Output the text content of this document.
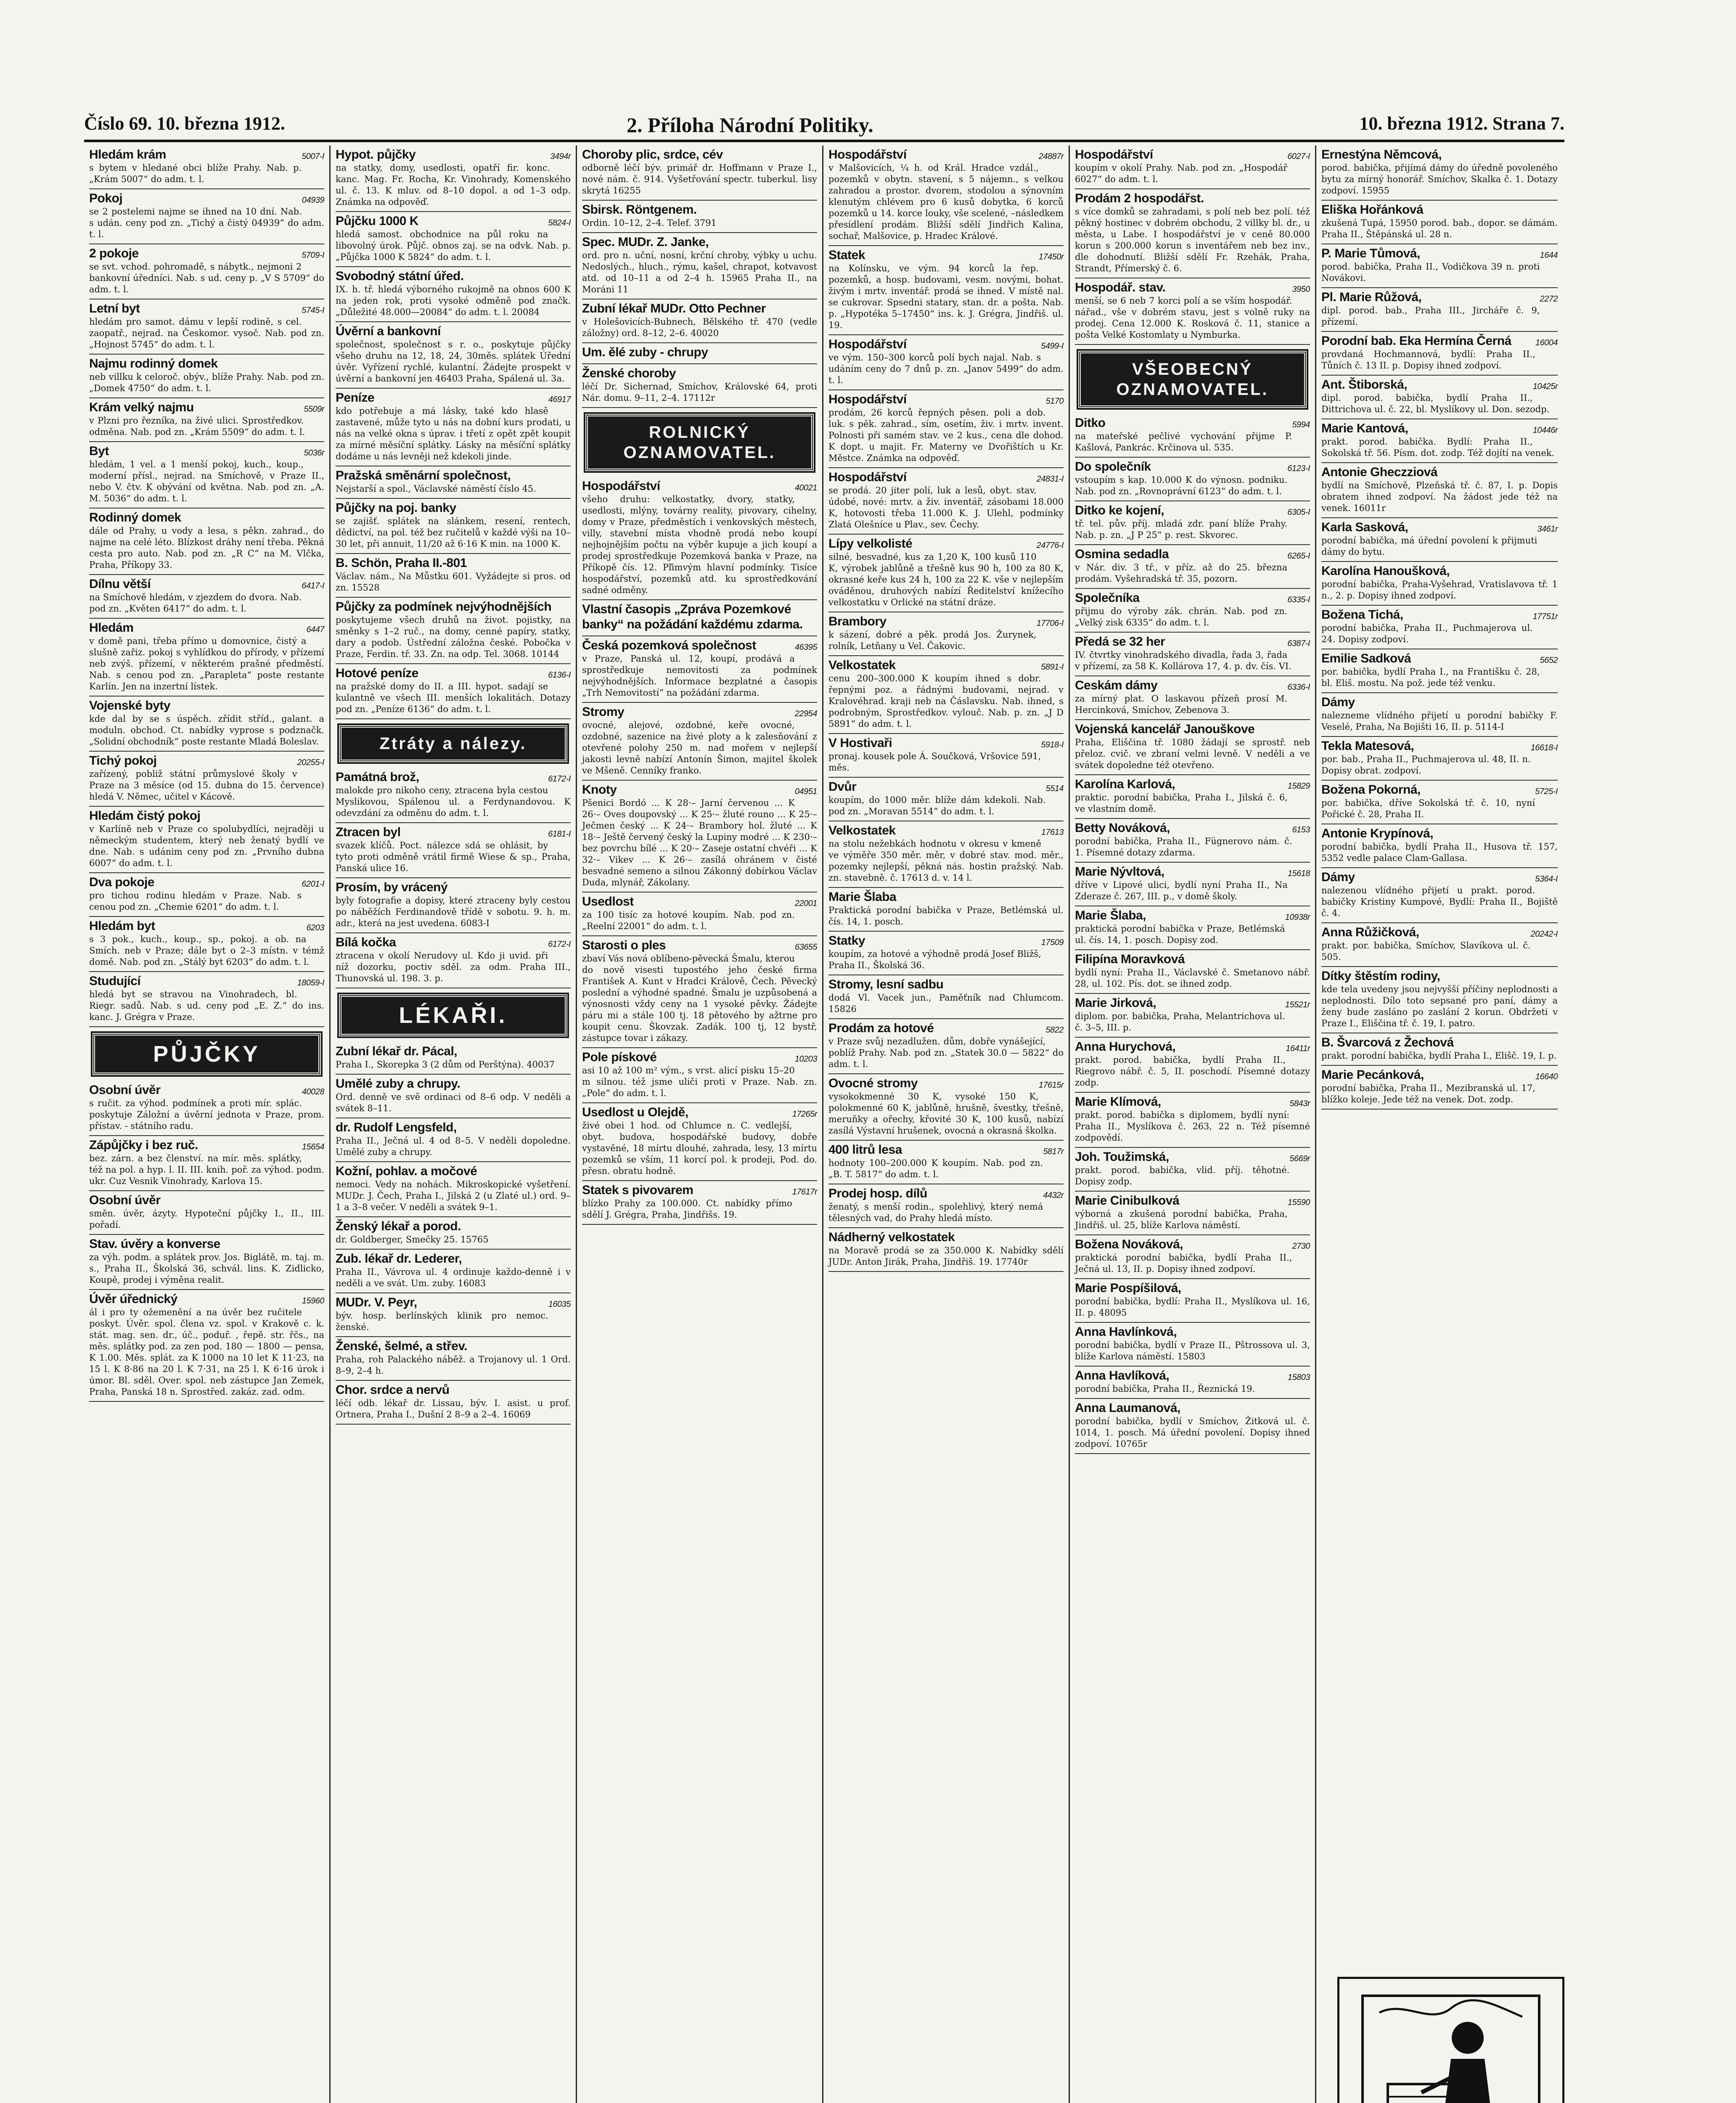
Číslo 69. 10. března 1912.	2. Příloha Národní Politiky.	10. března 1912. Strana 7.
5007-I
Hledám krám
s bytem v hledané obci blíže Prahy. Nab. p. „Krám 5007“ do adm. t. l.
04939
Pokoj
se 2 postelemi najme se ihned na 10 dní. Nab. s udán. ceny pod zn. „Tichý a čistý 04939“ do adm. t. l.
5709-I
2 pokoje
se svt. vchod. pohromadě, s nábytk., nejmoni 2 bankovní úředníci. Nab. s ud. ceny p. „V S 5709“ do adm. t. l.
5745-I
Letní byt
hledám pro samot. dámu v lepší rodině, s cel. zaopatř., nejrad. na Českomor. vysoč. Nab. pod zn. „Hojnost 5745“ do adm. t. l.
Najmu rodinný domek
neb villku k celoroč. obýv., blíže Prahy. Nab. pod zn. „Domek 4750“ do adm. t. l.
5509r
Krám velký najmu
v Plzni pro řezníka, na živé ulici. Sprostředkov. odměna. Nab. pod zn. „Krám 5509“ do adm. t. l.
5036r
Byt
hledám, 1 vel. a 1 menší pokoj, kuch., koup., moderní přísl., nejrad. na Smíchově, v Praze II., nebo V. čtv. K obývání od května. Nab. pod zn. „A. M. 5036“ do adm. t. l.
Rodinný domek
dále od Prahy, u vody a lesa, s pěkn. zahrad., do najme na celé léto. Blízkost dráhy není třeba. Pěkná cesta pro auto. Nab. pod zn. „R C“ na M. Vlčka, Praha, Příkopy 33.
6417-I
Dílnu větší
na Smíchově hledám, v zjezdem do dvora. Nab. pod zn. „Květen 6417“ do adm. t. l.
6447
Hledám
v domě pani, třeba přímo u domovnice, čistý a slušně zařiz. pokoj s vyhlídkou do přírody, v přízemí neb zvýš. přízemí, v některém prašné předměstí. Nab. s cenou pod zn. „Parapleta“ poste restante Karlín. Jen na inzertní lístek.
Vojenské byty
kde dal by se s úspěch. zřídit stříd., galant. a moduln. obchod. Ct. nabídky vyprose s podznačk. „Solidní obchodník“ poste restante Mladá Boleslav.
20255-I
Tichý pokoj
zařízený, pobliž státní průmyslové školy v Praze na 3 měsíce (od 15. dubna do 15. července) hledá V. Němec, učitel v Kácově.
Hledám čistý pokoj
v Karlíně neb v Praze co spolubydlíci, nejraději u německým studentem, který neb ženatý bydlí ve dne. Nab. s udánim ceny pod zn. „Prvního dubna 6007“ do adm. t. l.
6201-I
Dva pokoje
pro tichou rodinu hledám v Praze. Nab. s cenou pod zn. „Chemie 6201“ do adm. t. l.
6203
Hledám byt
s 3 pok., kuch., koup., sp., pokoj. a ob. na Smích. neb v Praze; dále byt o 2–3 místn. v témž domě. Nab. pod zn. „Stálý byt 6203“ do adm. t. l.
18059-I
Studující
hledá byt se stravou na Vinohradech, bl. Riegr. sadů. Nab. s ud. ceny pod „E. Z.“ do ins. kanc. J. Grégra v Praze.
PŮJČKY
40028
Osobní úvěr
s ručit. za výhod. podmínek a proti mír. splác. poskytuje Záložní a úvěrní jednota v Praze, prom. přístav. - státního radu.
15654
Zápůjčky i bez ruč.
bez. zárn. a bez členství. na mír. měs. splátky, též na pol. a hyp. l. II. III. knih. poř. za výhod. podm. ukr. Cuz Vesnik Vinohrady, Karlova 15.
Osobní úvěr
směn. úvěr, ázyty. Hypoteční půjčky I., II., III. pořadí.
Stav. úvěry a konverse
za výh. podm. a splátek prov. Jos. Biglátě, m. taj. m. s., Praha II., Školská 36, schvál. lins. K. Zidlicko, Koupě, prodej i výměna realit.
15960
Úvěr úřednický
ál i pro ty ožemenění a na úvěr bez ručitele poskyt. Úvěr. spol. člena vz. spol. v Krakově c. k. stát. mag. sen. dr., úč., poduř. , řepě. str. řčs., na měs. splátky pod. za zen pod. 180 — 1800 — pensa, K 1.00. Měs. splát. za K 1000 na 10 let K 11·23, na 15 l. K 8·86 na 20 l. K 7·31, na 25 l. K 6·16 úrok i úmor. Bl. sděl. Over. spol. neb zástupce Jan Zemek, Praha, Panská 18 n. Sprostřed. zakáz. zad. odm.
3494r
Hypot. půjčky
na statky, domy, usedlosti, opatří fir. konc. kanc. Mag. Fr. Rocha, Kr. Vinohrady, Komenského ul. č. 13. K mluv. od 8–10 dopol. a od 1–3 odp. Známka na odpověď.
5824-I
Půjčku 1000 K
hledá samost. obchodnice na půl roku na libovolný úrok. Půjč. obnos zaj. se na odvk. Nab. p. „Půjčka 1000 K 5824“ do adm. t. l.
Svobodný státní úřed.
IX. h. tř. hledá výborného rukojmě na obnos 600 K na jeden rok, proti vysoké odměně pod značk. „Důležité 48.000—20084“ do adm. t. l. 20084
Úvěrní a bankovní
společnost, společnost s r. o., poskytuje půjčky všeho druhu na 12, 18, 24, 30měs. splátek Úřední úvěr. Vyřízení rychlé, kulantní. Žádejte prospekt v úvěrní a bankovní jen 46403 Praha, Spálená ul. 3a.
46917
Peníze
kdo potřebuje a má lásky, také kdo hlasě zastavené, může tyto u nás na dobní kurs prodati, u nás na velké okna s úprav. i třetí z opět zpět koupit za mírné měsíční splátky. Lásky na měsíční splátky dodáme u nás levněji než kdekoli jinde.
Pražská směnární společnost,
Nejstarší a spol., Václavské náměstí číslo 45.
Půjčky na poj. banky
se zajišť. splátek na slánkem, resení, rentech, dědictví, na pol. též bez ručitelů v každé výši na 10–30 let, při annuit, 11/20 až 6·16 K min. na 1000 K.
B. Schön, Praha II.-801
Václav. nám., Na Můstku 601. Vyžádejte si pros. od zn. 15528
Půjčky za podmínek nejvýhodnějších
poskytujeme všech druhů na život. pojistky, na směnky s 1–2 ruč., na domy, cenné papíry, statky, dary a podob. Ústřední záložna české. Pobočka v Praze, Ferdin. tř. 33. Zn. na odp. Tel. 3068. 10144
6136-I
Hotové peníze
na pražské domy do II. a III. hypot. sadají se kulantně ve všech III. menších lokalitách. Dotazy pod zn. „Peníze 6136“ do adm. t. l.
Ztráty a nálezy.
6172-I
Památná brož,
malokde pro nikoho ceny, ztracena byla cestou Myslikovou, Spálenou ul. a Ferdynandovou. K odevzdání za odměnu do adm. t. l.
6181-I
Ztracen byl
svazek klíčů. Poct. nálezce sdá se ohlásit, by tyto proti odměně vrátil firmě Wiese & sp., Praha, Panská ulice 16.
Prosím, by vrácený
byly fotografie a dopisy, které ztraceny byly cestou po náběžích Ferdinandově třídě v sobotu. 9. h. m. adr., která na jest uvedena. 6083-I
6172-I
Bílá kočka
ztracena v okolí Nerudovy ul. Kdo ji uvid. při níž dozorku, poctiv sděl. za odm. Praha III., Thunovská ul. 198. 3. p.
LÉKAŘI.
Zubní lékař dr. Pácal,
Praha I., Skorepka 3 (2 dům od Perštýna). 40037
Umělé zuby a chrupy.
Ord. denně ve svě ordinaci od 8–6 odp. V neděli a svátek 8–11.
dr. Rudolf Lengsfeld,
Praha II., Ječná ul. 4 od 8–5. V neděli dopoledne. Umělé zuby a chrupy.
Kožní, pohlav. a močové
nemoci. Vedy na nohách. Mikroskopické vyšetření. MUDr. J. Čech, Praha I., Jilská 2 (u Zlaté ul.) ord. 9–1 a 3–8 večer. V neděli a svátek 9–1.
Ženský lékař a porod.
dr. Goldberger, Smečky 25. 15765
Zub. lékař dr. Lederer,
Praha II., Vávrova ul. 4 ordinuje každo-denně i v neděli a ve svát. Um. zuby. 16083
16035
MUDr. V. Peyr,
býv. hosp. berlínských klinik pro nemoc. ženské.
Ženské, šelmé, a střev.
Praha, roh Palackého náběž. a Trojanovy ul. 1 Ord. 8–9, 2–4 h.
Chor. srdce a nervů
léčí odb. lékař dr. Lissau, býv. I. asist. u prof. Ortnera, Praha I., Dušní 2 8–9 a 2–4. 16069
Choroby plic, srdce, cév
odborně léčí býv. primář dr. Hoffmann v Praze I., nové nám. č. 914. Vyšetřování spectr. tuberkul. lisy skrytá 16255
Sbirsk. Röntgenem.
Ordin. 10–12, 2–4. Telef. 3791
Spec. MUDr. Z. Janke,
ord. pro n. uční, nosní, krční chroby, výbky u uchu. Nedoslých., hluch., rýmu, kašel, chrapot, kotvavost atd. od 10–11 a od 2–4 h. 15965 Praha II., na Moráni 11
Zubní lékař MUDr. Otto Pechner
v Holešovicích-Bubnech, Bělského tř. 470 (vedle záložny) ord. 8–12, 2–6. 40020
Um. ělé zuby - chrupy
Ženské choroby
léčí Dr. Sichernad, Smíchov, Královské 64, proti Nár. domu. 9–11, 2–4. 17112r
ROLNICKÝ OZNAMOVATEL.
40021
Hospodářství
všeho druhu: velkostatky, dvory, statky, usedlosti, mlýny, továrny reality, pivovary, cihelny, domy v Praze, předměstích i venkovských městech, villy, stavební místa vhodně prodá nebo koupí nejhojnějším počtu na výběr kupuje a jich koupí a prodej sprostředkuje Pozemková banka v Praze, na Příkopě čís. 12. Pľimvým hlavní podmínky. Tisíce hospodářství, pozemků atd. ku sprostředkování sadné odměny.
Vlastní časopis „Zpráva Pozemkové banky“ na požádání každému zdarma.
46395
Česká pozemková společnost
v Praze, Panská ul. 12, koupí, prodává a sprostředkuje nemovitosti za podmínek nejvýhodnějších. Informace bezplatné a časopis „Trh Nemovitostí“ na požádání zdarma.
22954
Stromy
ovocné, alejové, ozdobné, keře ovocné, ozdobné, sazenice na živé ploty a k zalesňování z otevřené polohy 250 m. nad mořem v nejlepší jakosti levně nabízí Antonín Šimon, majitel školek ve Mšeně. Cenníky franko.
04951
Knoty
Pšenici Bordó ... K 28·– Jarní červenou ... K 26·– Oves doupovský ... K 25·– žluté rouno ... K 25·– Ječmen český ... K 24·– Brambory hol. žluté ... K 18·– Ještě červený český la Lupiny modré ... K 230·– bez povrchu bílé ... K 20·– Zaseje ostatní chvéři ... K 32·– Vikev ... K 26·– zasílá ohránem v čisté besvadné semeno a silnou Zákonný dobírkou Václav Duda, mlynář, Zákolany.
22001
Usedlost
za 100 tisíc za hotové koupím. Nab. pod zn. „Reelní 22001“ do adm. t. l.
63655
Starosti o ples
zbaví Vás nová oblíbeno-pěvecká Šmalu, kterou do nově visesti tupostého jeho české firma František A. Kunt v Hradci Králově, Čech. Pěvecký poslední a výhodné spadné. Šmalu je uzpůsobená a výnosnosti vždy ceny na 1 vysoké pěvky. Žádejte páru mi a stále 100 tj. 18 pětového by ažtrne pro koupit cenu. Škovzak. Zadák. 100 tj, 12 bystř, zástupce tovar i zákazy.
10203
Pole pískové
asi 10 až 100 m² vým., s vrst. alicí pisku 15–20 m silnou. též jsme uliči proti v Praze. Nab. zn. „Pole“ do adm. t. l.
17265r
Usedlost u Olejdě,
živé obei 1 hod. od Chlumce n. C. vedlejší, obyt. budova, hospodářské budovy, dobře vystavěné, 18 mírtu dlouhé, zahrada, lesy, 13 mírtu pozemků se vším, 11 korcí pol. k prodeji, Pod. do. přesn. obratu hodně.
17617r
Statek s pivovarem
blízko Prahy za 100.000. Ct. nabídky přímo sdělí J. Grégra, Praha, Jindřišs. 19.
24887r
Hospodářství
v Malšovicích, ¼ h. od Král. Hradce vzdál., pozemků v obytn. stavení, s 5 nájemn., s velkou zahradou a prostor. dvorem, stodolou a sýnovním klenutým chlévem pro 6 kusů dobytka, 6 korců pozemků u 14. korce louky, vše scelené, –následkem přesídlení prodám. Bližší sdělí Jindřich Kalina, sochař, Malšovice, p. Hradec Králové.
17450r
Statek
na Kolínsku, ve vým. 94 korců la řep. pozemků, a hosp. budovami, vesm. novými, bohat. živým i mrtv. inventář. prodá se ihned. V místě nal. se cukrovar. Spsedni statary, stan. dr. a pošta. Nab. p. „Hypotéka 5–17450“ ins. k. J. Grégra, Jindřiš. ul. 19.
5499-I
Hospodářství
ve vým. 150–300 korců polí bych najal. Nab. s udáním ceny do 7 dnů p. zn. „Janov 5499“ do adm. t. l.
5170
Hospodářství
prodám, 26 korců řepných pěsen. poli a dob. luk. s pěk. zahrad., sím, osetím, živ. i mrtv. invent. Polnosti při samém stav. ve 2 kus., cena dle dohod. K dopt. u majit. Fr. Materny ve Dvořištích u Kr. Městce. Známka na odpověď.
24831-I
Hospodářství
se prodá. 20 jiter polí, luk a lesů, obyt. stav. údobé, nové: mrtv. a živ. inventář, zásobami 18.000 K, hotovosti třeba 11.000 K. J. Ulehl, podmínky Zlatá Olešníce u Plav., sev. Čechy.
24776-I
Lípy velkolisté
silné, besvadné, kus za 1,20 K, 100 kusů 110 K, výrobek jablůně a třešně kus 90 h, 100 za 80 K, okrasné keře kus 24 h, 100 za 22 K. vše v nejlepším ováděnou, druhových nabízí Ředitelství knížecího velkostatku v Orlické na státní dráze.
17706-I
Brambory
k sázení, dobré a pěk. prodá Jos. Žurynek, rolník, Letňany u Vel. Čakovic.
5891-I
Velkostatek
cenu 200–300.000 K koupím ihned s dobr. řepnými poz. a řádnými budovami, nejrad. v Kralovéhrad. kraji neb na Čáslavsku. Nab. ihned, s podrobným, Sprostředkov. vylouč. Nab. p. zn. „J D 5891“ do adm. t. l.
5918-I
V Hostivaři
pronaj. kousek pole Á. Součková, Vršovice 591, měs.
5514
Dvůr
koupím, do 1000 měr. blíže dám kdekoli. Nab. pod zn. „Moravan 5514“ do adm. t. l.
17613
Velkostatek
na stolu nežebkách hodnotu v okresu v kmeně ve výměře 350 měr. měr, v dobré stav. mod. měr., pozemky nejlepší, pěkná nás. hostin pražský. Nab. zn. stavebně. č. 17613 d. v. 14 l.
Marie Šlaba
Praktická porodní babička v Praze, Betlémská ul. čís. 14, 1. posch.
17509
Statky
koupím, za hotové a výhodně prodá Josef Bližš, Praha II., Školská 36.
Stromy, lesní sadbu
dodá Vl. Vacek jun., Paměťník nad Chlumcom. 15826
5822
Prodám za hotové
v Praze svůj nezadlužen. dům, dobře vynášející, poblíž Prahy. Nab. pod zn. „Statek 30.0 — 5822“ do adm. t. l.
17615r
Ovocné stromy
vysokokmenné 30 K, vysoké 150 K, polokmenné 60 K, jablůně, hrušně, švestky, třešně, meruňky a ořechy, křovité 30 K, 100 kusů, nabízí zasílá Výstavní hrušenek, ovocná a okrasná školka.
5817r
400 litrů lesa
hodnoty 100–200.000 K koupím. Nab. pod zn. „B. T. 5817“ do adm. t. l.
4432r
Prodej hosp. dílů
ženatý, s menší rodin., spolehlivý, který nemá tělesných vad, do Prahy hledá místo.
Nádherný velkostatek
na Moravě prodá se za 350.000 K. Nabídky sdělí JUDr. Anton Jirák, Praha, Jindřiš. 19. 17740r
6027-I
Hospodářství
koupím v okolí Prahy. Nab. pod zn. „Hospodář 6027“ do adm. t. l.
Prodám 2 hospodářst.
s více domků se zahradami, s polí neb bez polí. též pěkný hostinec v dobrém obchodu, 2 villky bl. dr., u města, u Labe. I hospodářství je v ceně 80.000 korun s 200.000 korun s inventářem neb bez inv., dle dohodnutí. Bližší sdělí Fr. Rzehák, Praha, Strandt, Přímerský č. 6.
3950
Hospodář. stav.
menší, se 6 neb 7 korci polí a se vším hospodář. nářad., vše v dobrém stavu, jest s volně ruky na prodej. Cena 12.000 K. Rosková č. 11, stanice a pošta Velké Kostomlaty u Nymburka.
VŠEOBECNÝ OZNAMOVATEL.
5994
Ditko
na mateřské pečlivé vychování přijme P. Kašlová, Pankrác. Krčinova ul. 535.
6123-I
Do společník
vstoupím s kap. 10.000 K do výnosn. podniku. Nab. pod zn. „Rovnoprávní 6123“ do adm. t. l.
6305-I
Ditko ke kojení,
tř. tel. pův. příj. mladá zdr. paní blíže Prahy. Nab. p. zn. „J P 25“ p. rest. Skvorec.
6265-I
Osmina sedadla
v Nár. div. 3 tř., v příz. až do 25. března prodám. Vyšehradská tř. 35, pozorn.
6335-I
Společníka
přijmu do výroby zák. chrán. Nab. pod zn. „Velký zisk 6335“ do adm. t. l.
6387-I
Předá se 32 her
IV. čtvrtky vinohradského divadla, řada 3, řada v přízemí, za 58 K. Kollárova 17, 4. p. dv. čís. VI.
6336-I
Ceskám dámy
za mírný plat. O laskavou přízeň prosí M. Hercinková, Smíchov, Zebenova 3.
Vojenská kancelář Janouškove
Praha, Eliščina tř. 1080 žádají se sprostř. neb přeloz. cvič. ve zbraní velmi levně. V neděli a ve svátek dopoledne též otevřeno.
15829
Karolína Karlová,
praktic. porodní babička, Praha I., Jilská č. 6, ve vlastním domě.
6153
Betty Nováková,
porodní babička, Praha II., Fügnerovo nám. č. 1. Písemné dotazy zdarma.
15618
Marie Nývltová,
dříve v Lipové ulici, bydlí nyní Praha II., Na Zderaze č. 267, III. p., v domě školy.
10938r
Marie Šlaba,
praktická porodní babička v Praze, Betlémská ul. čís. 14, 1. posch. Dopisy zod.
Filipína Moravková
bydlí nyní: Praha II., Václavské č. Smetanovo nábř. 28, ul. 102. Pís. dot. se ihned zodp.
15521r
Marie Jirková,
diplom. por. babička, Praha, Melantrichova ul. č. 3–5, III. p.
16411r
Anna Hurychová,
prakt. porod. babička, bydlí Praha II., Riegrovo nábř. č. 5, II. poschodí. Písemné dotazy zodp.
5843r
Marie Klímová,
prakt. porod. babička s diplomem, bydlí nyní: Praha II., Myslíkova č. 263, 22 n. Též písemné zodpovědí.
5669r
Joh. Toužimská,
prakt. porod. babička, vlid. příj. těhotné. Dopisy zodp.
15590
Marie Cinibulková
výborná a zkušená porodní babička, Praha, Jindřiš. ul. 25, blíže Karlova náměstí.
2730
Božena Nováková,
praktická porodní babička, bydlí Praha II., Ječná ul. 13, II. p. Dopisy ihned zodpoví.
Marie Pospíšilová,
porodní babička, bydlí: Praha II., Myslíkova ul. 16, II. p. 48095
Anna Havlínková,
porodní babička, bydlí v Praze II., Pštrossova ul. 3, blíže Karlova náměstí. 15803
15803
Anna Havlíková,
porodní babička, Praha II., Řeznická 19.
Anna Laumanová,
porodní babička, bydlí v Smíchov, Žitková ul. č. 1014, 1. posch. Má úřední povolení. Dopisy ihned zodpoví. 10765r
Ernestýna Němcová,
porod. babička, přijímá dámy do úředně povoleného bytu za mírný honorář. Smíchov, Skalka č. 1. Dotazy zodpoví. 15955
Eliška Hořánková
zkušená Tupá, 15950 porod. bab., dopor. se dámám. Praha II., Štěpánská ul. 28 n.
1644
P. Marie Tůmová,
porod. babička, Praha II., Vodičkova 39 n. proti Novákovi.
2272
Pl. Marie Růžová,
dipl. porod. bab., Praha III., Jircháře č. 9, přízemí.
16004
Porodní bab. Eka Hermína Černá
provdaná Hochmannová, bydlí: Praha II., Tůních č. 13 II. p. Dopisy ihned zodpoví.
10425r
Ant. Štiborská,
dipl. porod. babička, bydlí Praha II., Dittrichova ul. č. 22, bl. Myslíkovy ul. Don. sezodp.
10446r
Marie Kantová,
prakt. porod. babička. Bydlí: Praha II., Sokolská tř. 56. Písm. dot. zodp. Též dojítí na venek.
Antonie Gheczziová
bydlí na Smíchově, Plzeňská tř. č. 87, I. p. Dopis obratem ihned zodpoví. Na žádost jede též na venek. 16011r
3461r
Karla Sasková,
porodní babička, má úřední povolení k přijmuti dámy do bytu.
Karolína Hanoušková,
porodní babička, Praha-Vyšehrad, Vratislavova tř. 1 n., 2. p. Dopisy ihned zodpoví.
17751r
Božena Tichá,
porodní babička, Praha II., Puchmajerova ul. 24. Dopisy zodpoví.
5652
Emilie Sadková
por. babička, bydlí Praha I., na Františku č. 28, bl. Eliš. mostu. Na pož. jede též venku.
Dámy
nalezneme vlídného přijetí u porodní babičky F. Veselé, Praha, Na Bojišti 16, II. p. 5114-I
16618-I
Tekla Matesová,
por. bab., Praha II., Puchmajerova ul. 48, II. n. Dopisy obrat. zodpoví.
5725-I
Božena Pokorná,
por. babička, dříve Sokolská tř. č. 10, nyní Pořické č. 28, Praha II.
Antonie Krypínová,
porodní babička, bydlí Praha II., Husova tř. 157, 5352 vedle palace Clam-Gallasa.
5364-I
Dámy
nalezenou vlídného přijetí u prakt. porod. babičky Kristiny Kumpové, Bydlí: Praha II., Bojiště č. 4.
20242-I
Anna Růžičková,
prakt. por. babička, Smíchov, Slavíkova ul. č. 505.
Dítky štěstím rodiny,
kde tela uvedeny jsou nejvyšší příčiny neplodnosti a neplodnosti. Dílo toto sepsané pro paní, dámy a ženy bude zasláno po zaslání 2 korun. Obdržeti v Praze I., Eliščina tř. č. 19, I. patro.
B. Švarcová z Žechová
prakt. porodní babička, bydlí Praha I., Elišč. 19, I. p.
16640
Marie Pecánková,
porodní babička, Praha II., Mezibranská ul. 17, blížko koleje. Jede též na venek. Dot. zodp.
